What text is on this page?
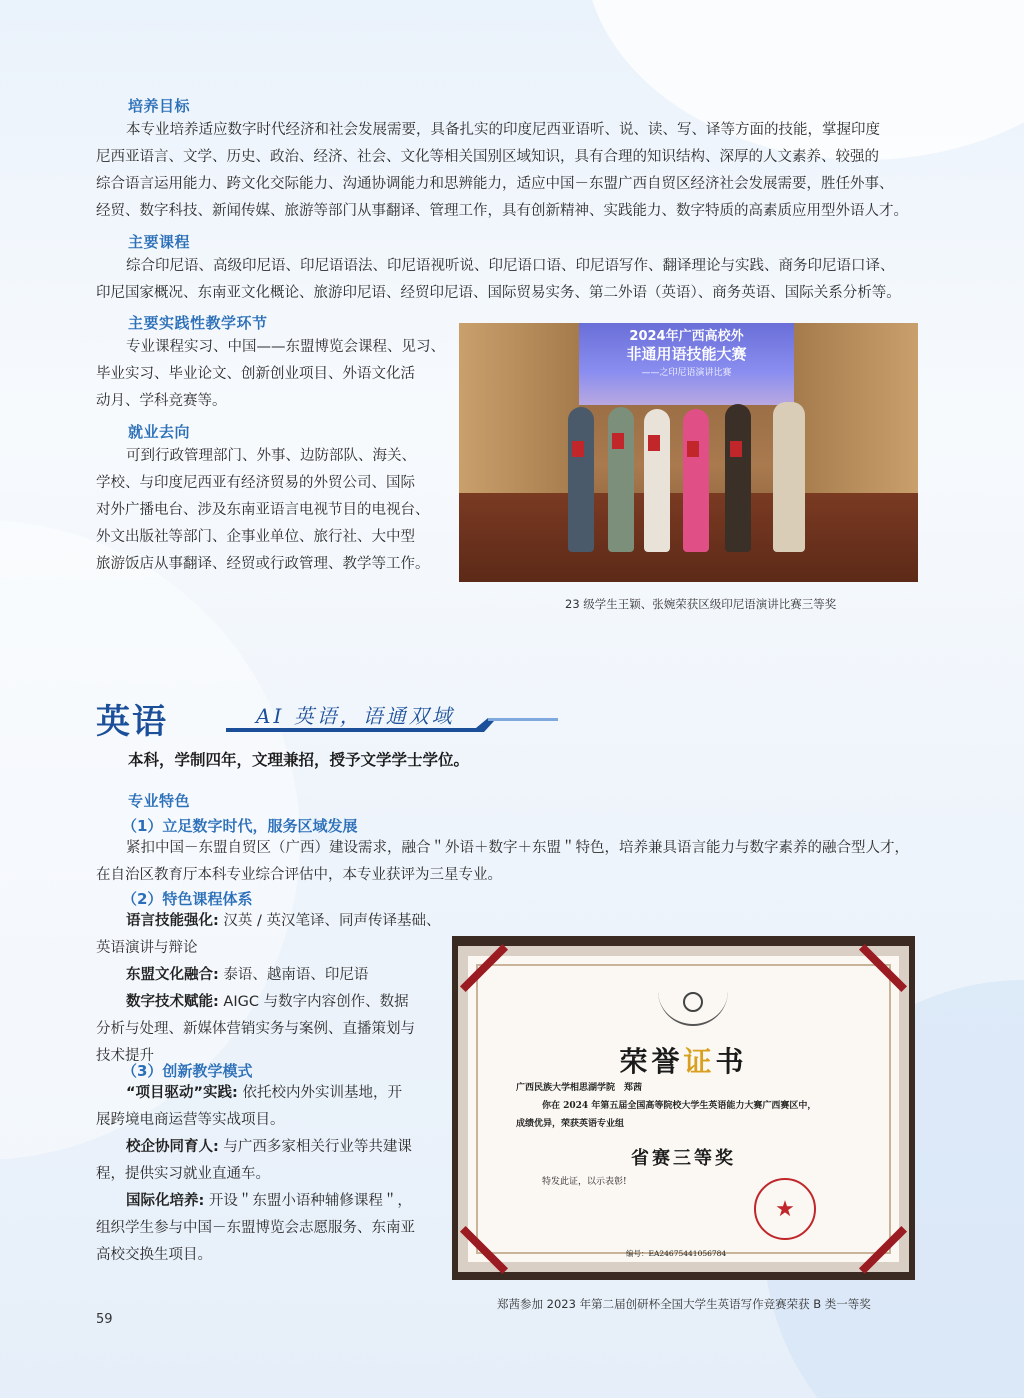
培养目标
本专业培养适应数字时代经济和社会发展需要，具备扎实的印度尼西亚语听、说、读、写、译等方面的技能，掌握印度
尼西亚语言、文学、历史、政治、经济、社会、文化等相关国别区域知识，具有合理的知识结构、深厚的人文素养、较强的
综合语言运用能力、跨文化交际能力、沟通协调能力和思辨能力，适应中国－东盟广西自贸区经济社会发展需要，胜任外事、
经贸、数字科技、新闻传媒、旅游等部门从事翻译、管理工作，具有创新精神、实践能力、数字特质的高素质应用型外语人才。
主要课程
综合印尼语、高级印尼语、印尼语语法、印尼语视听说、印尼语口语、印尼语写作、翻译理论与实践、商务印尼语口译、
印尼国家概况、东南亚文化概论、旅游印尼语、经贸印尼语、国际贸易实务、第二外语（英语）、商务英语、国际关系分析等。
主要实践性教学环节
专业课程实习、中国——东盟博览会课程、见习、
毕业实习、毕业论文、创新创业项目、外语文化活
动月、学科竞赛等。
就业去向
可到行政管理部门、外事、边防部队、海关、
学校、与印度尼西亚有经济贸易的外贸公司、国际
对外广播电台、涉及东南亚语言电视节目的电视台、
外文出版社等部门、企事业单位、旅行社、大中型
旅游饭店从事翻译、经贸或行政管理、教学等工作。
2024年广西高校外
非通用语技能大赛
——之印尼语演讲比赛
23 级学生王颖、张婉荣获区级印尼语演讲比赛三等奖
英语	AI 英语，语通双域
本科，学制四年，文理兼招，授予文学学士学位。
专业特色
（1）立足数字时代，服务区域发展
紧扣中国－东盟自贸区（广西）建设需求，融合＂外语＋数字＋东盟＂特色，培养兼具语言能力与数字素养的融合型人才，
在自治区教育厅本科专业综合评估中，本专业获评为三星专业。
（2）特色课程体系
语言技能强化: 汉英 / 英汉笔译、同声传译基础、
英语演讲与辩论
东盟文化融合: 泰语、越南语、印尼语
数字技术赋能: AIGC 与数字内容创作、数据
分析与处理、新媒体营销实务与案例、直播策划与
技术提升
（3）创新教学模式
“项目驱动”实践: 依托校内外实训基地，开
展跨境电商运营等实战项目。
校企协同育人: 与广西多家相关行业等共建课
程，提供实习就业直通车。
国际化培养: 开设＂东盟小语种辅修课程＂，
组织学生参与中国－东盟博览会志愿服务、东南亚
高校交换生项目。
荣誉证书
广西民族大学相思湖学院　郑茜
你在 2024 年第五届全国高等院校大学生英语能力大赛广西赛区中，
成绩优异，荣获英语专业组
省赛三等奖
特发此证，以示表彰!
★
编号：EA24675441056784
郑茜参加 2023 年第二届创研杯全国大学生英语写作竞赛荣获 B 类一等奖
59
